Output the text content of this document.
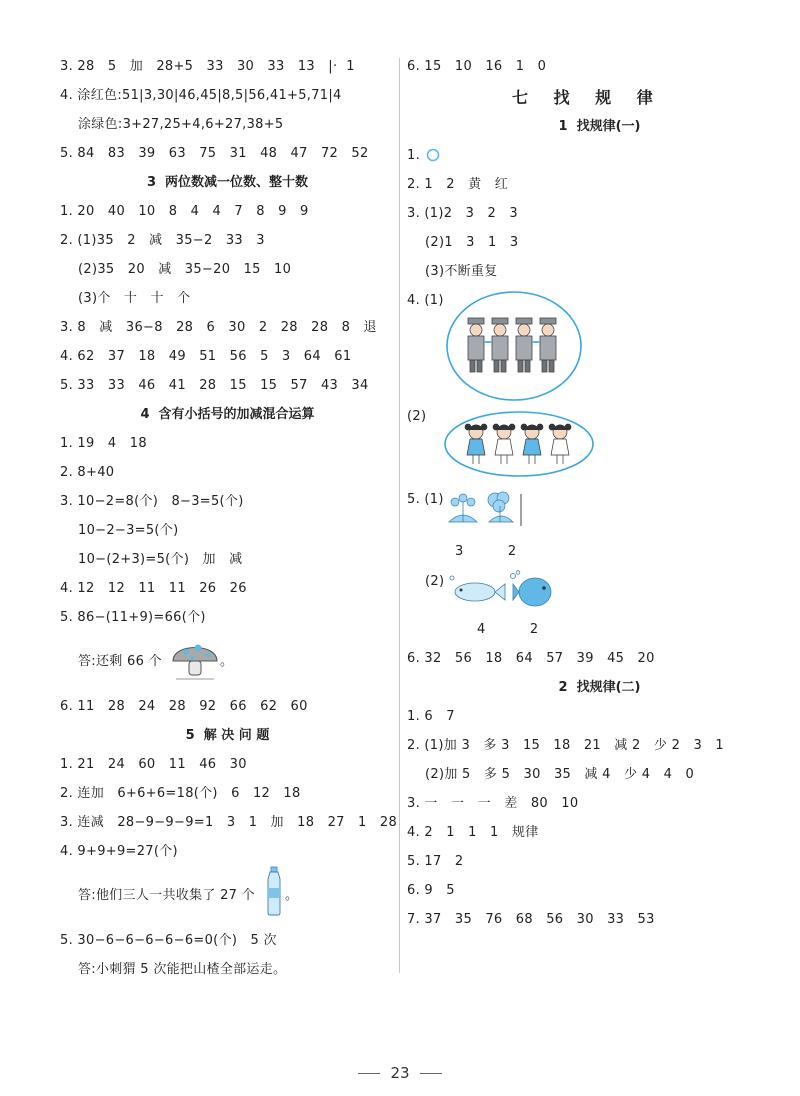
3. 28   5   加   28+5   33   30   33   13   |·  1
4. 涂红色:51|3,30|46,45|8,5|56,41+5,71|4
涂绿色:3+27,25+4,6+27,38+5
5. 84   83   39   63   75   31   48   47   72   52
3  两位数减一位数、整十数
1. 20   40   10   8   4   4   7   8   9   9
2. (1)35   2   减   35−2   33   3
(2)35   20   减   35−20   15   10
(3)个   十   十   个
3. 8   减   36−8   28   6   30   2   28   28   8   退
4. 62   37   18   49   51   56   5   3   64   61
5. 33   33   46   41   28   15   15   57   43   34
4  含有小括号的加减混合运算
1. 19   4   18
2. 8+40
3. 10−2=8(个)   8−3=5(个)
10−2−3=5(个)
10−(2+3)=5(个)   加   减
4. 12   12   11   11   26   26
5. 86−(11+9)=66(个)
答:还剩 66 个	。
6. 11   28   24   28   92   66   62   60
5  解 决 问 题
1. 21   24   60   11   46   30
2. 连加   6+6+6=18(个)   6   12   18
3. 连减   28−9−9−9=1   3   1   加   18   27   1   28
4. 9+9+9=27(个)
答:他们三人一共收集了 27 个 。
5. 30−6−6−6−6−6=0(个)   5 次
答:小刺猬 5 次能把山楂全部运走。
6. 15   10   16   1   0
七 找 规 律
1  找规律(一)
1.
2. 1   2   黄   红
3. (1)2   3   2   3
(2)1   3   1   3
(3)不断重复
4. (1)
(2)
5. (1)
3          2
(2)
4          2
6. 32   56   18   64   57   39   45   20
2  找规律(二)
1. 6   7
2. (1)加 3   多 3   15   18   21   减 2   少 2   3   1
(2)加 5   多 5   30   35   减 4   少 4   4   0
3. 一   一   一   差   80   10
4. 2   1   1   1   规律
5. 17   2
6. 9   5
7. 37   35   76   68   56   30   33   53
23
